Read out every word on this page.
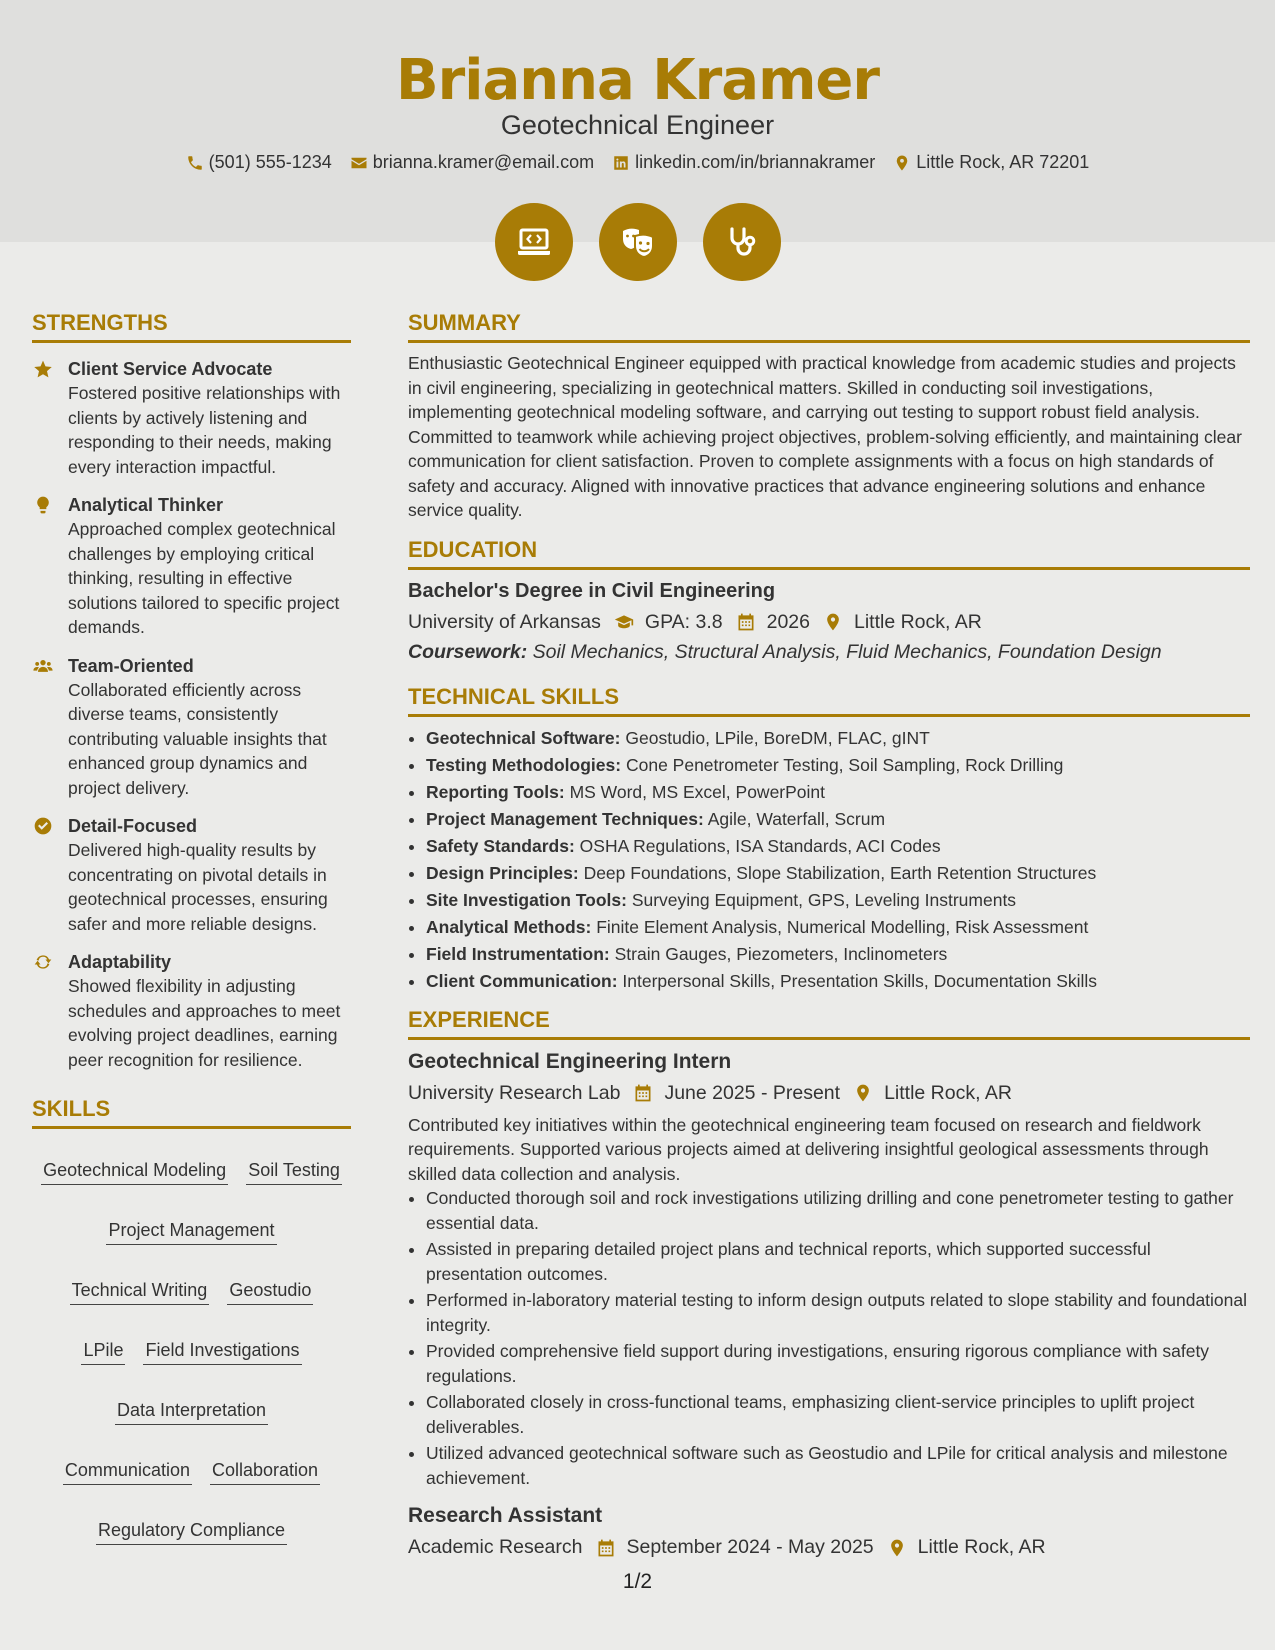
Brianna Kramer
Geotechnical Engineer
(501) 555-1234 brianna.kramer@email.com linkedin.com/in/briannakramer Little Rock, AR 72201
STRENGTHS
Client Service Advocate
Fostered positive relationships with clients by actively listening and responding to their needs, making every interaction impactful.
Analytical Thinker
Approached complex geotechnical challenges by employing critical thinking, resulting in effective solutions tailored to specific project demands.
Team-Oriented
Collaborated efficiently across diverse teams, consistently contributing valuable insights that enhanced group dynamics and project delivery.
Detail-Focused
Delivered high-quality results by concentrating on pivotal details in geotechnical processes, ensuring safer and more reliable designs.
Adaptability
Showed flexibility in adjusting schedules and approaches to meet evolving project deadlines, earning peer recognition for resilience.
SKILLS
Geotechnical Modeling Soil Testing
Project Management
Technical Writing Geostudio
LPile Field Investigations
Data Interpretation
Communication Collaboration
Regulatory Compliance
SUMMARY
Enthusiastic Geotechnical Engineer equipped with practical knowledge from academic studies and projects in civil engineering, specializing in geotechnical matters. Skilled in conducting soil investigations, implementing geotechnical modeling software, and carrying out testing to support robust field analysis. Committed to teamwork while achieving project objectives, problem-solving efficiently, and maintaining clear communication for client satisfaction. Proven to complete assignments with a focus on high standards of safety and accuracy. Aligned with innovative practices that advance engineering solutions and enhance service quality.
EDUCATION
Bachelor's Degree in Civil Engineering
University of Arkansas GPA: 3.8 2026 Little Rock, AR
Coursework: Soil Mechanics, Structural Analysis, Fluid Mechanics, Foundation Design
TECHNICAL SKILLS
• Geotechnical Software: Geostudio, LPile, BoreDM, FLAC, gINT
• Testing Methodologies: Cone Penetrometer Testing, Soil Sampling, Rock Drilling
• Reporting Tools: MS Word, MS Excel, PowerPoint
• Project Management Techniques: Agile, Waterfall, Scrum
• Safety Standards: OSHA Regulations, ISA Standards, ACI Codes
• Design Principles: Deep Foundations, Slope Stabilization, Earth Retention Structures
• Site Investigation Tools: Surveying Equipment, GPS, Leveling Instruments
• Analytical Methods: Finite Element Analysis, Numerical Modelling, Risk Assessment
• Field Instrumentation: Strain Gauges, Piezometers, Inclinometers
• Client Communication: Interpersonal Skills, Presentation Skills, Documentation Skills
EXPERIENCE
Geotechnical Engineering Intern
University Research Lab June 2025 - Present Little Rock, AR
Contributed key initiatives within the geotechnical engineering team focused on research and fieldwork requirements. Supported various projects aimed at delivering insightful geological assessments through skilled data collection and analysis.
• Conducted thorough soil and rock investigations utilizing drilling and cone penetrometer testing to gather essential data.
• Assisted in preparing detailed project plans and technical reports, which supported successful presentation outcomes.
• Performed in-laboratory material testing to inform design outputs related to slope stability and foundational integrity.
• Provided comprehensive field support during investigations, ensuring rigorous compliance with safety regulations.
• Collaborated closely in cross-functional teams, emphasizing client-service principles to uplift project deliverables.
• Utilized advanced geotechnical software such as Geostudio and LPile for critical analysis and milestone achievement.
Research Assistant
Academic Research September 2024 - May 2025 Little Rock, AR
1/2
